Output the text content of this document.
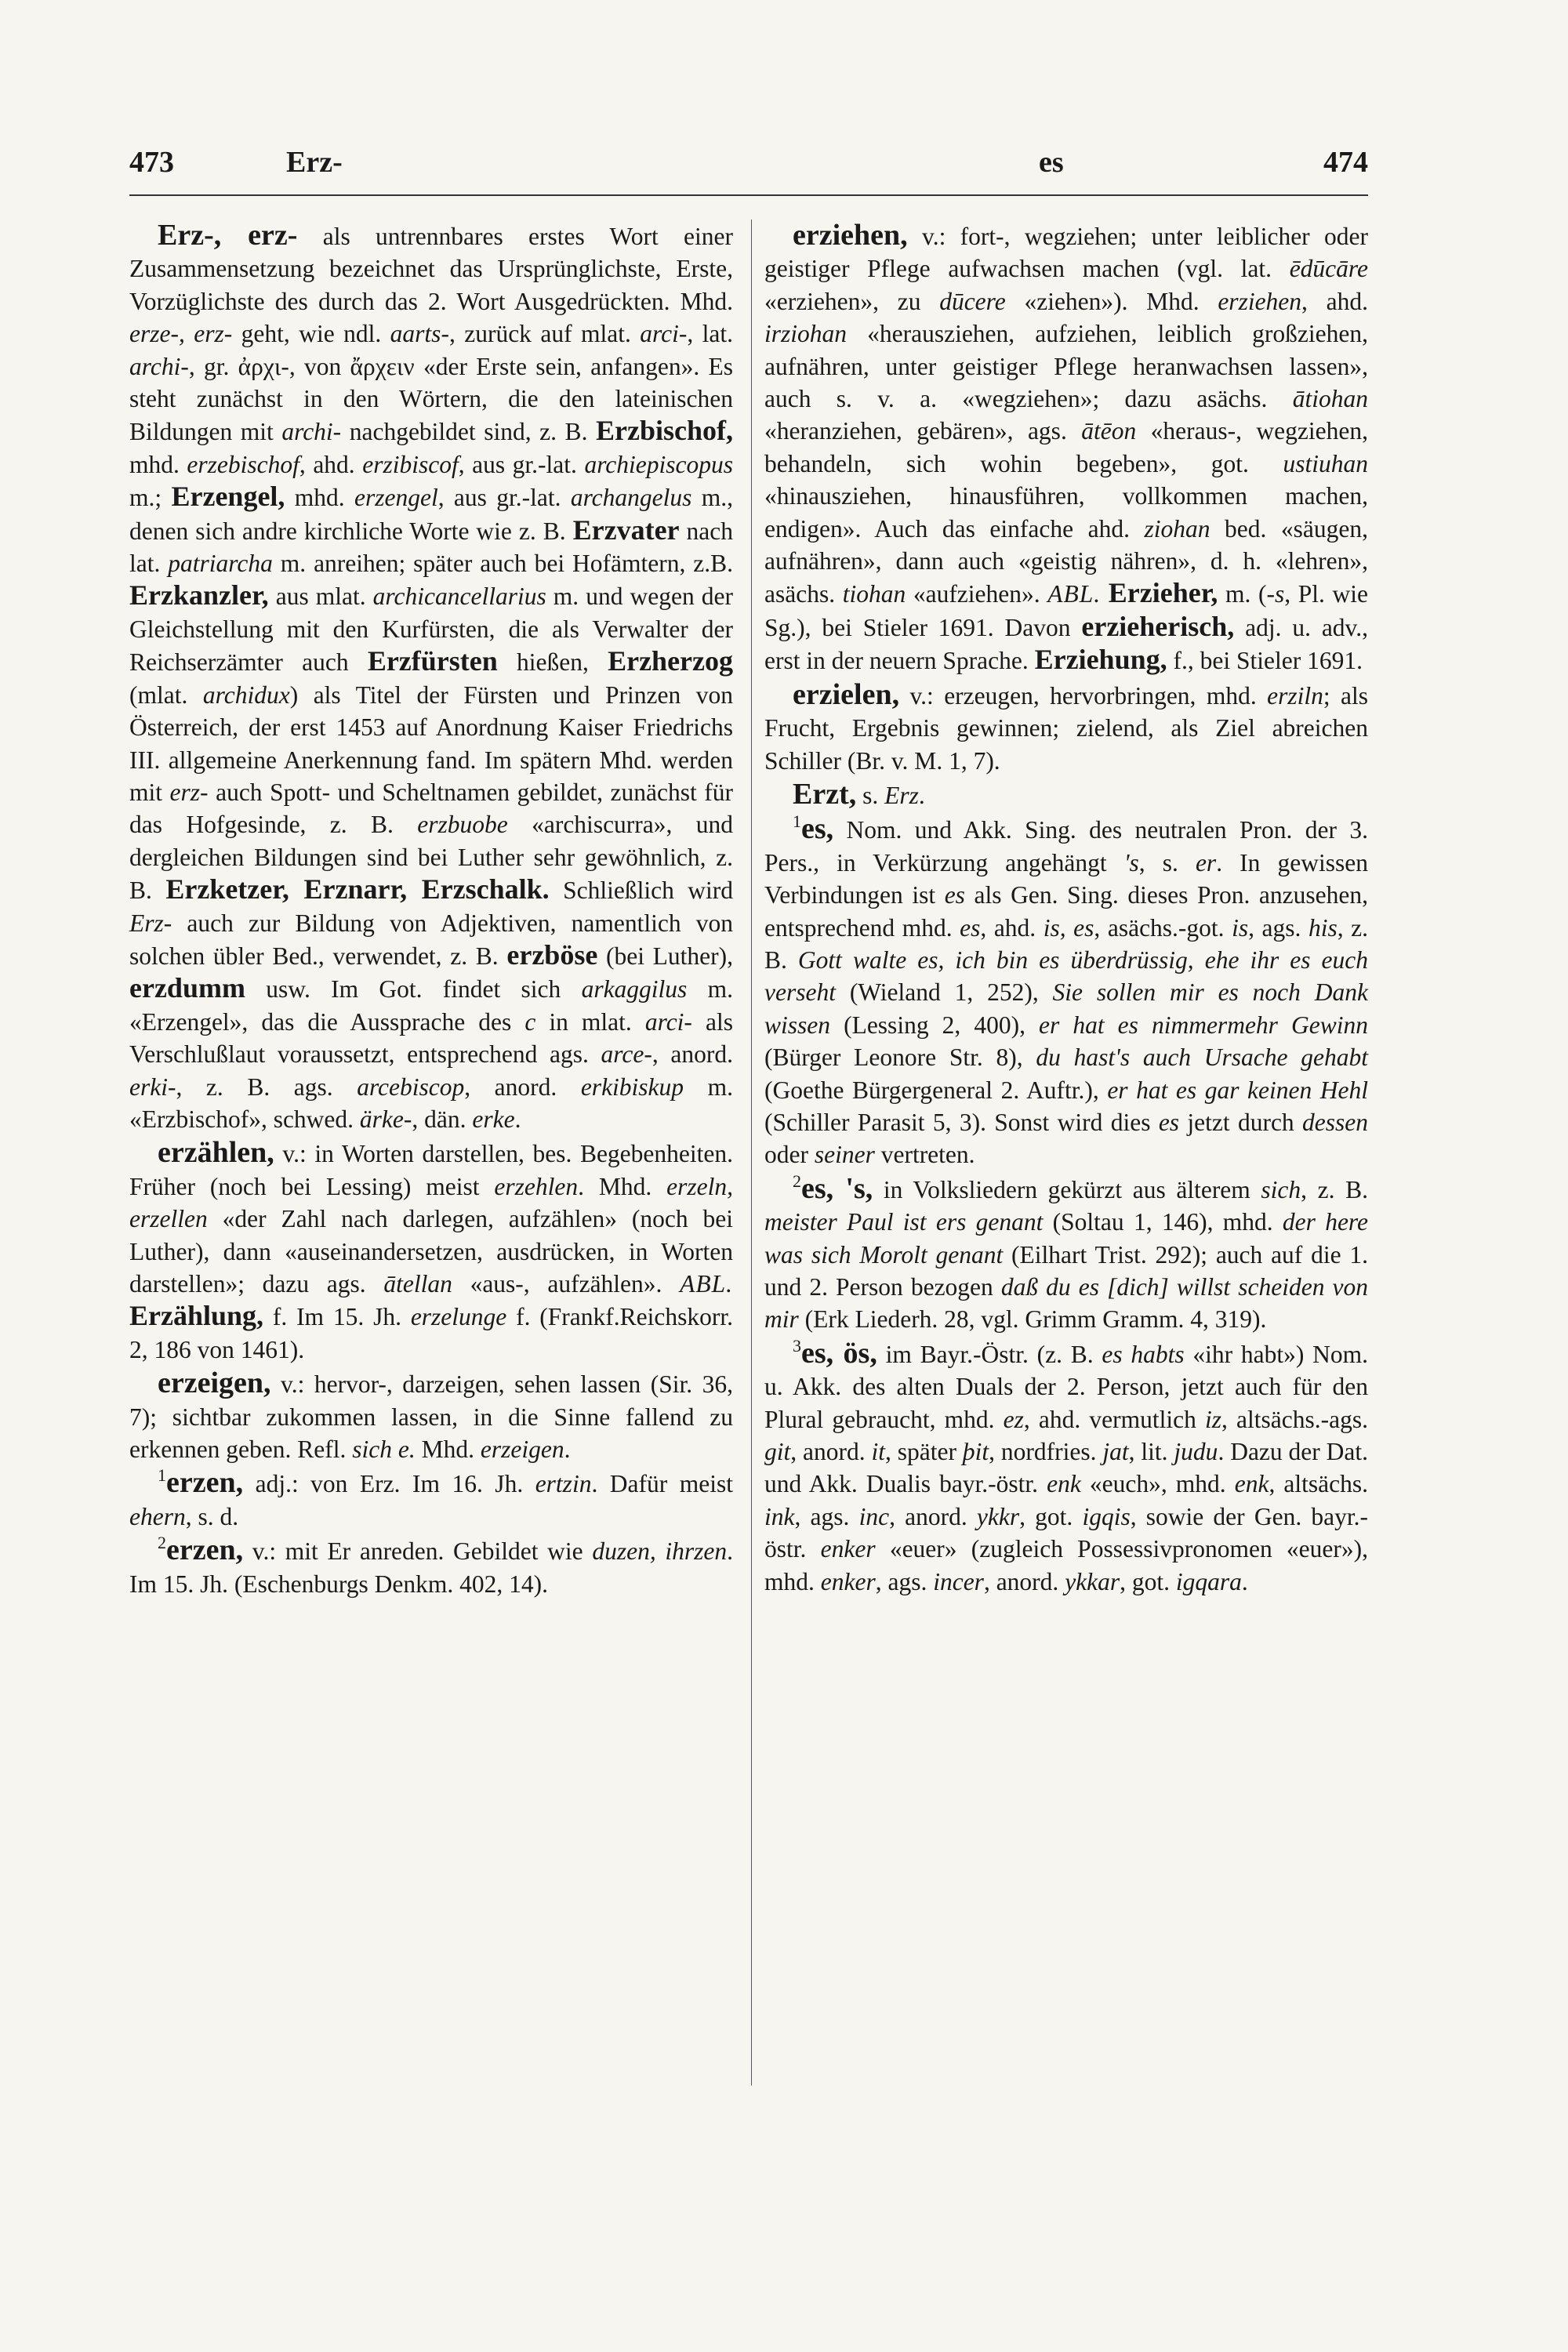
473	Erz-	es	474

Erz-, erz- als untrennbares erstes Wort einer Zusammensetzung bezeichnet das Ursprünglichste, Erste, Vorzüglichste des durch das 2. Wort Ausgedrückten. Mhd. erze-, erz- geht, wie ndl. aarts-, zurück auf mlat. arci-, lat. archi-, gr. ἀρχι-, von ἄρχειν «der Erste sein, anfangen». Es steht zunächst in den Wörtern, die den lateinischen Bildungen mit archi- nachgebildet sind, z. B. Erzbischof, mhd. erzebischof, ahd. erzibiscof, aus gr.-lat. archiepiscopus m.; Erzengel, mhd. erzengel, aus gr.-lat. archangelus m., denen sich andre kirchliche Worte wie z. B. Erzvater nach lat. patriarcha m. anreihen; später auch bei Hofämtern, z.B. Erzkanzler, aus mlat. archicancellarius m. und wegen der Gleichstellung mit den Kurfürsten, die als Verwalter der Reichserzämter auch Erzfürsten hießen, Erzherzog (mlat. archidux) als Titel der Fürsten und Prinzen von Österreich, der erst 1453 auf Anordnung Kaiser Friedrichs III. allgemeine Anerkennung fand. Im spätern Mhd. werden mit erz- auch Spott- und Scheltnamen gebildet, zunächst für das Hofgesinde, z. B. erzbuobe «archiscurra», und dergleichen Bildungen sind bei Luther sehr gewöhnlich, z. B. Erzketzer, Erznarr, Erzschalk. Schließlich wird Erz- auch zur Bildung von Adjektiven, namentlich von solchen übler Bed., verwendet, z. B. erzböse (bei Luther), erzdumm usw. Im Got. findet sich arkaggilus m. «Erzengel», das die Aussprache des c in mlat. arci- als Verschlußlaut voraussetzt, entsprechend ags. arce-, anord. erki-, z. B. ags. arcebiscop, anord. erkibiskup m. «Erzbischof», schwed. ärke-, dän. erke.

erzählen, v.: in Worten darstellen, bes. Begebenheiten. Früher (noch bei Lessing) meist erzehlen. Mhd. erzeln, erzellen «der Zahl nach darlegen, aufzählen» (noch bei Luther), dann «auseinandersetzen, ausdrücken, in Worten darstellen»; dazu ags. ātellan «aus-, aufzählen». ABL. Erzählung, f. Im 15. Jh. erzelunge f. (Frankf.Reichskorr. 2, 186 von 1461).

erzeigen, v.: hervor-, darzeigen, sehen lassen (Sir. 36, 7); sichtbar zukommen lassen, in die Sinne fallend zu erkennen geben. Refl. sich e. Mhd. erzeigen.

$^1$erzen, adj.: von Erz. Im 16. Jh. ertzin. Dafür meist ehern, s. d.

$^2$erzen, v.: mit Er anreden. Gebildet wie duzen, ihrzen. Im 15. Jh. (Eschenburgs Denkm. 402, 14).

erziehen, v.: fort-, wegziehen; unter leiblicher oder geistiger Pflege aufwachsen machen (vgl. lat. ēdūcāre «erziehen», zu dūcere «ziehen»). Mhd. erziehen, ahd. irziohan «herausziehen, aufziehen, leiblich großziehen, aufnähren, unter geistiger Pflege heranwachsen lassen», auch s. v. a. «wegziehen»; dazu asächs. ātiohan «heranziehen, gebären», ags. ātēon «heraus-, wegziehen, behandeln, sich wohin begeben», got. ustiuhan «hinausziehen, hinausführen, vollkommen machen, endigen». Auch das einfache ahd. ziohan bed. «säugen, aufnähren», dann auch «geistig nähren», d. h. «lehren», asächs. tiohan «aufziehen». ABL. Erzieher, m. (-s, Pl. wie Sg.), bei Stieler 1691. Davon erzieherisch, adj. u. adv., erst in der neuern Sprache. Erziehung, f., bei Stieler 1691.

erzielen, v.: erzeugen, hervorbringen, mhd. erziln; als Frucht, Ergebnis gewinnen; zielend, als Ziel abreichen Schiller (Br. v. M. 1, 7).

Erzt, s. Erz.

$^1$es, Nom. und Akk. Sing. des neutralen Pron. der 3. Pers., in Verkürzung angehängt 's, s. er. In gewissen Verbindungen ist es als Gen. Sing. dieses Pron. anzusehen, entsprechend mhd. es, ahd. is, es, asächs.-got. is, ags. his, z. B. Gott walte es, ich bin es überdrüssig, ehe ihr es euch verseht (Wieland 1, 252), Sie sollen mir es noch Dank wissen (Lessing 2, 400), er hat es nimmermehr Gewinn (Bürger Leonore Str. 8), du hast's auch Ursache gehabt (Goethe Bürgergeneral 2. Auftr.), er hat es gar keinen Hehl (Schiller Parasit 5, 3). Sonst wird dies es jetzt durch dessen oder seiner vertreten.

$^2$es, 's, in Volksliedern gekürzt aus älterem sich, z. B. meister Paul ist ers genant (Soltau 1, 146), mhd. der here was sich Morolt genant (Eilhart Trist. 292); auch auf die 1. und 2. Person bezogen daß du es [dich] willst scheiden von mir (Erk Liederh. 28, vgl. Grimm Gramm. 4, 319).

$^3$es, ös, im Bayr.-Östr. (z. B. es habts «ihr habt») Nom. u. Akk. des alten Duals der 2. Person, jetzt auch für den Plural gebraucht, mhd. ez, ahd. vermutlich iz, altsächs.-ags. git, anord. it, später þit, nordfries. jat, lit. judu. Dazu der Dat. und Akk. Dualis bayr.-östr. enk «euch», mhd. enk, altsächs. ink, ags. inc, anord. ykkr, got. igqis, sowie der Gen. bayr.-östr. enker «euer» (zugleich Possessivpronomen «euer»), mhd. enker, ags. incer, anord. ykkar, got. igqara.
